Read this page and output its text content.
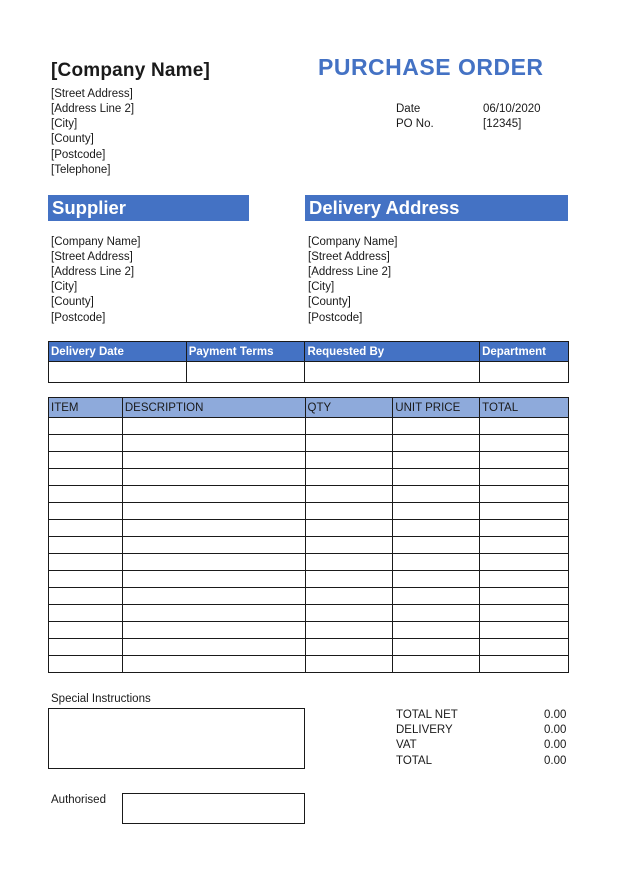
[Company Name]	PURCHASE ORDER
[Street Address]
[Address Line 2]
[City]
[County]
[Postcode]
[Telephone]
Date	06/10/2020
PO No.	[12345]
Supplier	Delivery Address
[Company Name]
[Street Address]
[Address Line 2]
[City]
[County]
[Postcode]
[Company Name]
[Street Address]
[Address Line 2]
[City]
[County]
[Postcode]
Delivery Date	Payment Terms	Requested By	Department

ITEM	DESCRIPTION	QTY	UNIT PRICE	TOTAL

Special Instructions
Authorised
TOTAL NET	0.00
DELIVERY	0.00
VAT	0.00
TOTAL	0.00
